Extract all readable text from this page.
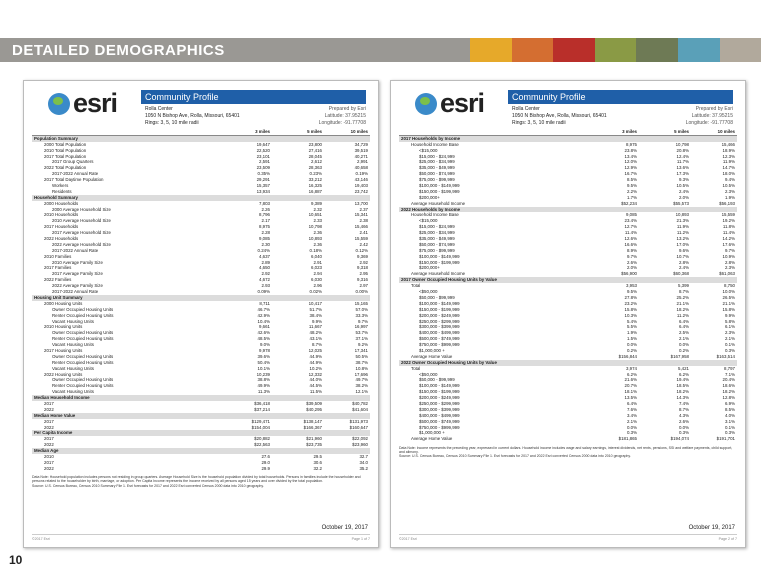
DETAILED DEMOGRAPHICS
esri	Community Profile
Rolla Center
1050 N Bishop Ave, Rolla, Missouri, 65401
Rings: 3, 5, 10 mile radii
Prepared by Esri
Latitude: 37.95215
Longitude: -91.77708
3 miles	5 miles	10 miles
Population Summary
2000 Total Population	19,647	23,800	34,729
2010 Total Population	22,520	27,416	39,519
2017 Total Population	23,101	28,045	40,271
2017 Group Quarters	2,591	2,612	2,991
2022 Total Population	23,509	28,363	40,658
2017-2022 Annual Rate	0.35%	0.23%	0.19%
2017 Total Daytime Population	29,291	33,212	43,146
Workers	15,357	16,325	19,403
Residents	13,934	16,887	23,742
Household Summary
2000 Households	7,803	9,389	13,700
2000 Average Household Size	2.26	2.32	2.37
2010 Households	8,796	10,651	15,341
2010 Average Household Size	2.17	2.33	2.38
2017 Households	8,975	10,798	15,466
2017 Average Household Size	2.28	2.36	2.41
2022 Households	9,085	10,893	15,559
2022 Average Household Size	2.30	2.36	2.42
2017-2022 Annual Rate	0.24%	0.18%	0.12%
2010 Families	4,637	6,040	9,369
2010 Average Family Size	2.89	2.91	2.92
2017 Families	4,650	6,023	9,318
2017 Average Family Size	2.92	2.94	2.95
2022 Families	4,672	6,030	9,316
2022 Average Family Size	2.93	2.96	2.97
2017-2022 Annual Rate	0.09%	0.02%	0.00%
Housing Unit Summary
2000 Housing Units	8,711	10,417	15,165
Owner Occupied Housing Units	46.7%	51.7%	57.0%
Renter Occupied Housing Units	42.9%	38.4%	33.3%
Vacant Housing Units	10.4%	9.9%	9.7%
2010 Housing Units	9,661	11,667	16,997
Owner Occupied Housing Units	42.6%	48.2%	53.7%
Renter Occupied Housing Units	48.5%	43.1%	37.1%
Vacant Housing Units	9.0%	8.7%	9.2%
2017 Housing Units	9,978	12,025	17,341
Owner Occupied Housing Units	39.6%	44.9%	50.5%
Renter Occupied Housing Units	50.4%	44.9%	38.7%
Vacant Housing Units	10.1%	10.2%	10.8%
2022 Housing Units	10,239	12,332	17,696
Owner Occupied Housing Units	38.8%	44.0%	49.7%
Renter Occupied Housing Units	49.9%	44.5%	38.2%
Vacant Housing Units	11.3%	11.5%	12.1%
Median Household Income
2017	$36,418	$39,509	$40,782
2022	$37,214	$40,295	$41,604
Median Home Value
2017	$129,471	$138,147	$131,973
2022	$154,004	$166,367	$160,647
Per Capita Income
2017	$20,882	$21,960	$22,092
2022	$22,563	$23,735	$23,960
Median Age
2010	27.6	29.5	32.7
2017	29.0	30.6	34.0
2022	29.9	32.2	35.2
Data Note: Household population includes persons not residing in group quarters. Average Household Size is the household population divided by total households. Persons in families include the householder and persons related to the householder by birth, marriage, or adoption. Per Capita Income represents the income received by all persons aged 15 years and over divided by the total population.
Source: U.S. Census Bureau, Census 2010 Summary File 1. Esri forecasts for 2017 and 2022 Esri converted Census 2000 data into 2010 geography.
October 19, 2017
©2017 Esri	Page 1 of 7
esri	Community Profile
Rolla Center
1050 N Bishop Ave, Rolla, Missouri, 65401
Rings: 3, 5, 10 mile radii
Prepared by Esri
Latitude: 37.95215
Longitude: -91.77708
3 miles	5 miles	10 miles
2017 Households by Income
Household Income Base	8,975	10,798	15,466
<$15,000	23.8%	20.8%	18.9%
$15,000 - $24,999	13.4%	12.4%	12.3%
$25,000 - $34,999	12.0%	11.7%	11.9%
$35,000 - $49,999	12.9%	13.6%	14.7%
$50,000 - $74,999	16.7%	17.3%	18.0%
$75,000 - $99,999	8.5%	9.3%	9.4%
$100,000 - $149,999	9.5%	10.5%	10.5%
$150,000 - $199,999	2.2%	2.4%	2.3%
$200,000+	1.7%	2.0%	1.9%
Average Household Income	$52,234	$55,573	$56,193
2022 Households by Income
Household Income Base	9,085	10,893	15,559
<$15,000	23.4%	21.3%	19.2%
$15,000 - $24,999	12.7%	11.9%	11.8%
$25,000 - $34,999	11.4%	11.2%	11.4%
$35,000 - $49,999	12.6%	13.2%	14.2%
$50,000 - $74,999	16.6%	17.0%	17.6%
$75,000 - $99,999	8.9%	9.6%	9.7%
$100,000 - $149,999	9.7%	10.7%	10.9%
$150,000 - $199,999	2.6%	2.8%	2.8%
$200,000+	2.0%	2.4%	2.3%
Average Household Income	$56,900	$60,368	$61,063
2017 Owner Occupied Housing Units by Value
Total	3,953	5,399	8,750
<$50,000	9.5%	8.7%	10.0%
$50,000 - $99,999	27.8%	25.2%	26.5%
$100,000 - $149,999	23.2%	21.1%	21.1%
$150,000 - $199,999	15.8%	18.2%	15.8%
$200,000 - $249,999	10.3%	11.2%	9.9%
$250,000 - $299,999	5.4%	6.4%	5.8%
$300,000 - $399,999	5.5%	6.4%	6.1%
$400,000 - $499,999	1.9%	2.5%	2.3%
$500,000 - $749,999	1.5%	2.1%	2.1%
$750,000 - $999,999	0.0%	0.0%	0.1%
$1,000,000 +	0.2%	0.2%	0.3%
Average Home Value	$156,844	$167,958	$163,514
2022 Owner Occupied Housing Units by Value
Total	3,974	5,421	8,797
<$50,000	6.2%	6.2%	7.1%
$50,000 - $99,999	21.6%	19.4%	20.4%
$100,000 - $149,999	20.7%	18.5%	18.6%
$150,000 - $199,999	18.1%	18.2%	18.2%
$200,000 - $249,999	13.5%	14.3%	12.8%
$250,000 - $299,999	6.4%	7.4%	6.9%
$300,000 - $399,999	7.6%	8.7%	8.5%
$400,000 - $499,999	3.4%	4.3%	4.0%
$500,000 - $749,999	2.1%	2.6%	3.1%
$750,000 - $999,999	0.0%	0.0%	0.1%
$1,000,000 +	0.3%	0.3%	0.3%
Average Home Value	$181,865	$194,074	$191,701
Data Note: Income represents the preceding year, expressed in current dollars. Household income includes wage and salary earnings, interest dividends, net rents, pensions, SSI and welfare payments, child support, and alimony.
Source: U.S. Census Bureau, Census 2010 Summary File 1. Esri forecasts for 2017 and 2022 Esri converted Census 2000 data into 2010 geography.
October 19, 2017
©2017 Esri	Page 2 of 7
10
